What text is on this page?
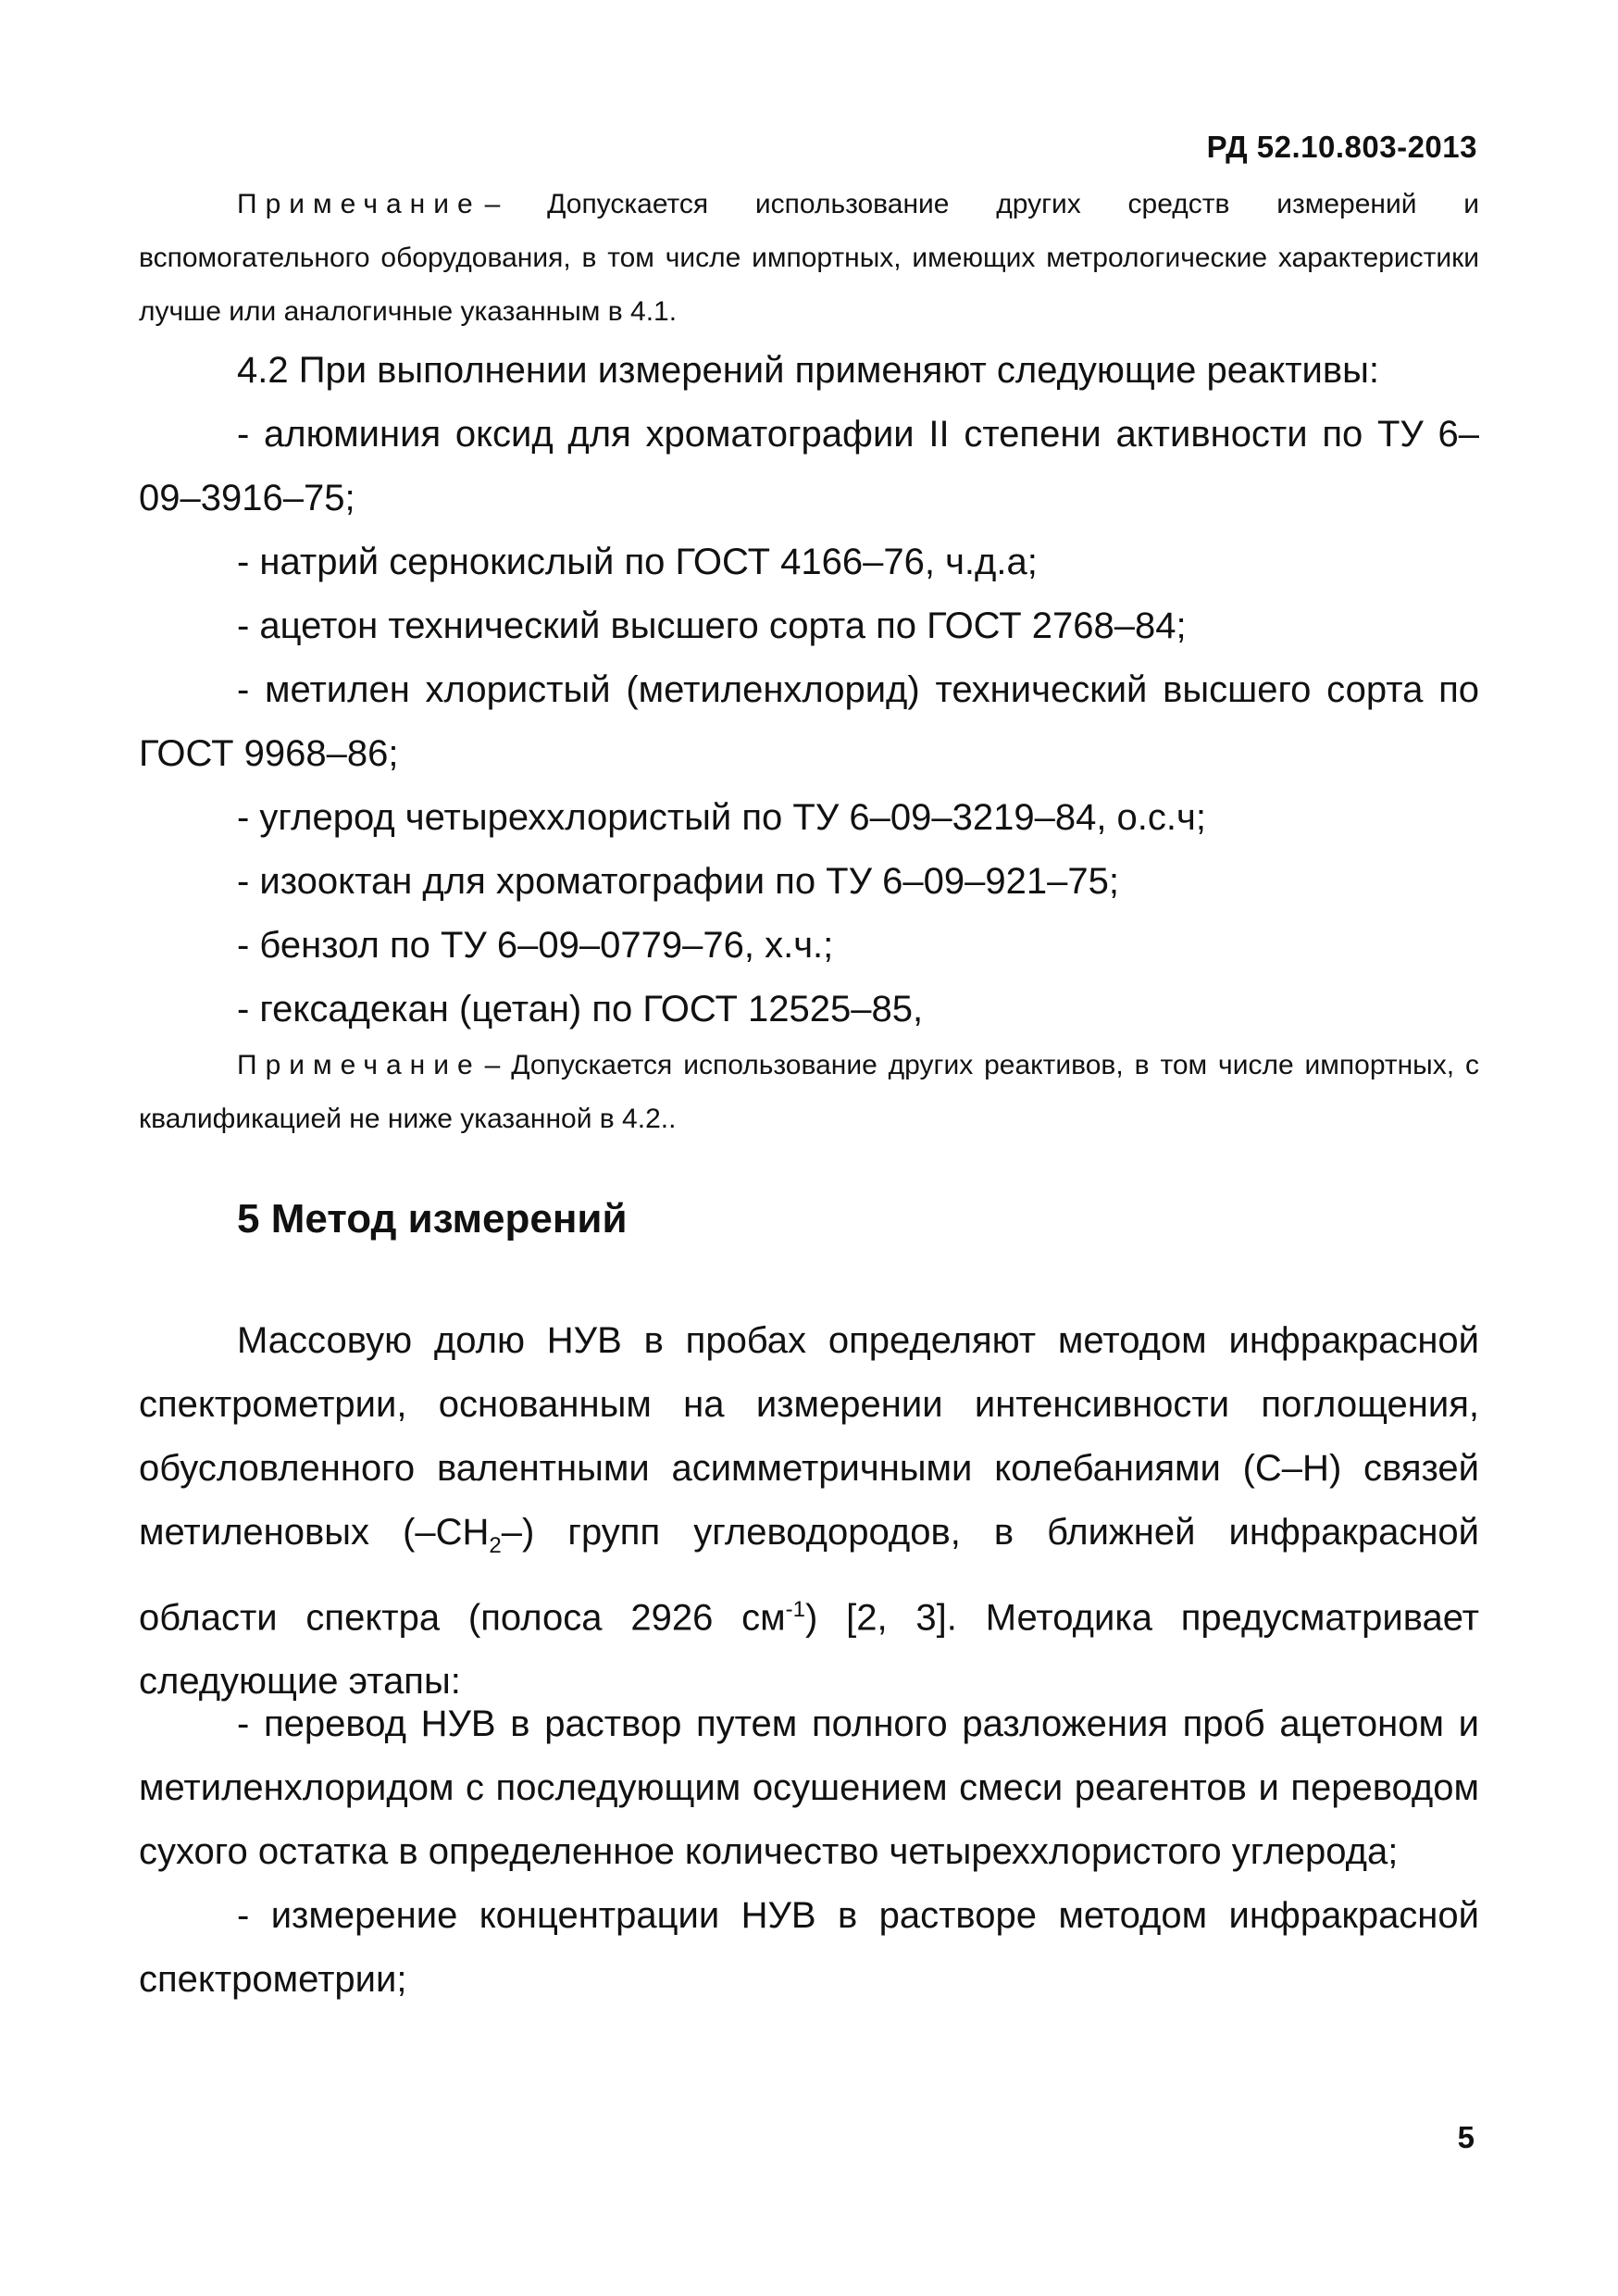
РД 52.10.803-2013
Примечание – Допускается использование других средств измерений и вспомогательного оборудования, в том числе импортных, имеющих метрологические характеристики лучше или аналогичные указанным в 4.1.
4.2 При выполнении измерений применяют следующие реактивы:
- алюминия оксид для хроматографии II степени активности по ТУ 6–09–3916–75;
- натрий сернокислый по ГОСТ 4166–76, ч.д.а;
- ацетон технический высшего сорта по ГОСТ 2768–84;
- метилен хлористый (метиленхлорид) технический высшего сорта по ГОСТ 9968–86;
- углерод четыреххлористый по ТУ 6–09–3219–84, о.с.ч;
- изооктан для хроматографии по ТУ 6–09–921–75;
- бензол по ТУ 6–09–0779–76, х.ч.;
- гексадекан (цетан) по ГОСТ 12525–85,
Примечание – Допускается использование других реактивов, в том числе импортных, с квалификацией не ниже указанной в 4.2..
5 Метод измерений
Массовую долю НУВ в пробах определяют методом инфракрасной спектрометрии, основанным на измерении интенсивности поглощения, обусловленного валентными асимметричными колебаниями (С–Н) связей метиленовых $(-СН_2-)$ групп углеводородов, в ближней инфракрасной области спектра (полоса 2926 $см^{-1}$) [2, 3]. Методика предусматривает следующие этапы:
- перевод НУВ в раствор путем полного разложения проб ацетоном и метиленхлоридом с последующим осушением смеси реагентов и переводом сухого остатка в определенное количество четыреххлористого углерода;
- измерение концентрации НУВ в растворе методом инфракрасной спектрометрии;
5
